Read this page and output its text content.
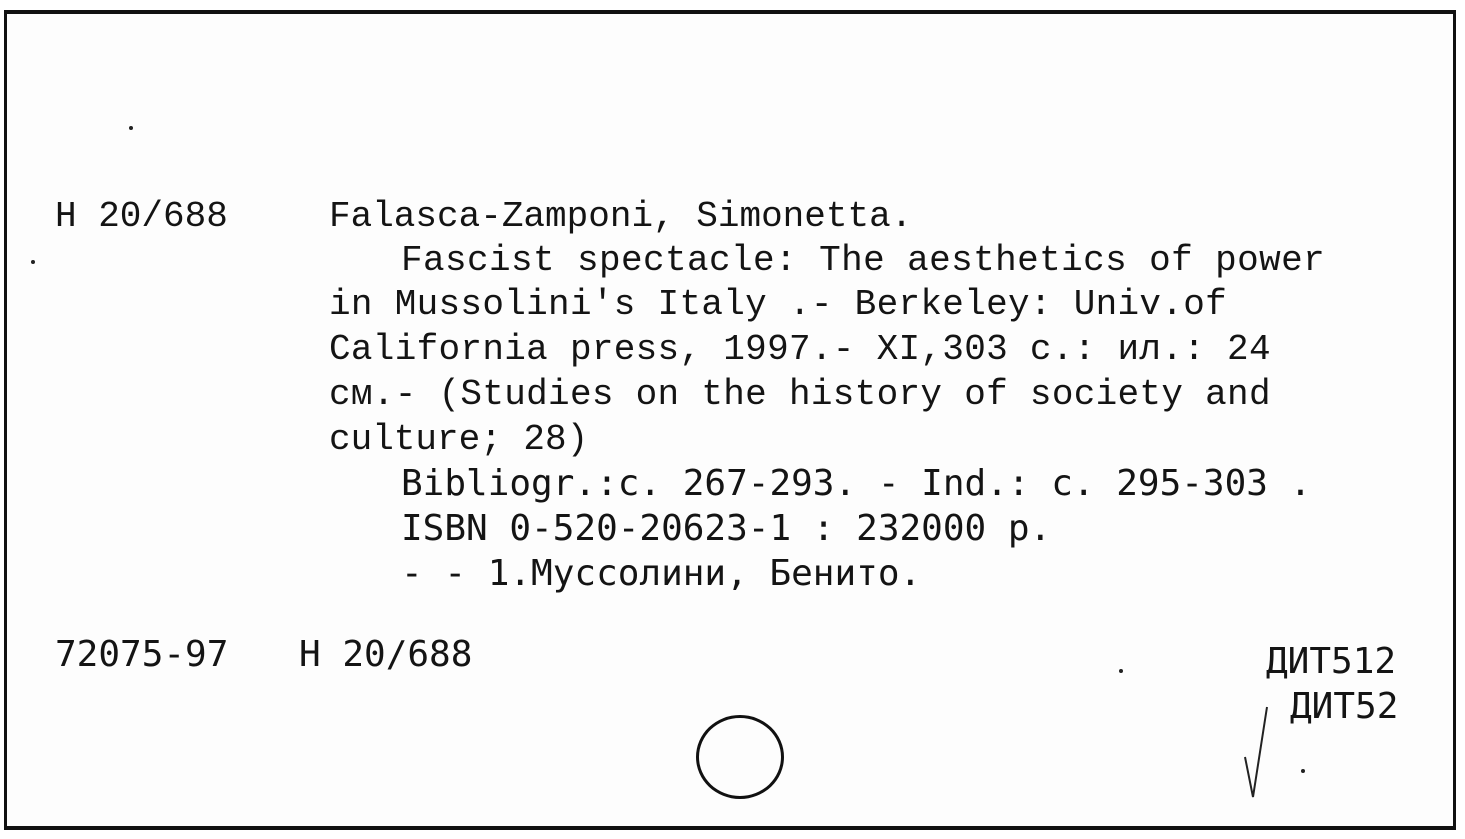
Н 20/688	Falasca-Zamponi, Simonetta.
Fascist spectacle: The aesthetics of power
in Mussolini's Italy .- Berkeley: Univ.of
California press, 1997.- XI,303 c.: ил.: 24
см.- (Studies on the history of society and
culture; 28)
Bibliogr.:c. 267-293. - Ind.: c. 295-303 .
ISBN 0-520-20623-1 : 232000 р.
- - 1.Муссолини, Бенито.
72075-97 Н 20/688	ДИТ512
ДИТ52
